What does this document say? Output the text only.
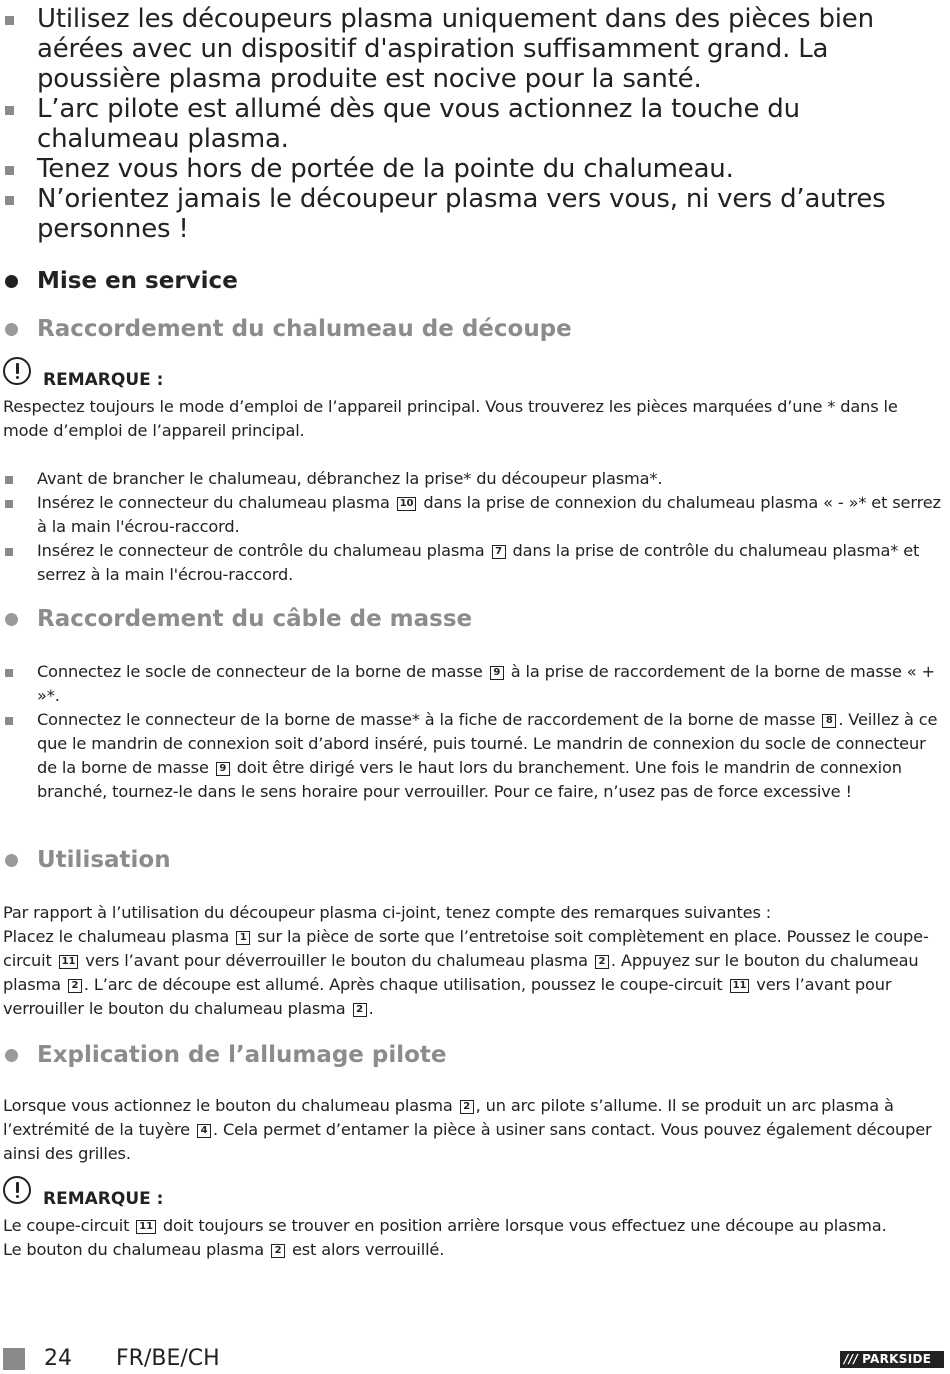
Utilisez les découpeurs plasma uniquement dans des pièces bien aérées avec un dispositif d'aspiration suffisamment grand. La poussière plasma produite est nocive pour la santé.
L’arc pilote est allumé dès que vous actionnez la touche du chalumeau plasma.
Tenez vous hors de portée de la pointe du chalumeau.
N’orientez jamais le découpeur plasma vers vous, ni vers d’autres personnes !
Mise en service
Raccordement du chalumeau de découpe
REMARQUE :

Respectez toujours le mode d’emploi de l’appareil principal. Vous trouverez les pièces marquées d’une * dans le mode d’emploi de l’appareil principal.

Avant de brancher le chalumeau, débranchez la prise* du découpeur plasma*.
Insérez le connecteur du chalumeau plasma 10 dans la prise de connexion du chalumeau plasma « - »* et serrez à la main l'écrou-raccord.
Insérez le connecteur de contrôle du chalumeau plasma 7 dans la prise de contrôle du chalumeau plasma* et serrez à la main l'écrou-raccord.
Raccordement du câble de masse
Connectez le socle de connecteur de la borne de masse 9 à la prise de raccordement de la borne de masse « + »*.
Connectez le connecteur de la borne de masse* à la fiche de raccordement de la borne de masse 8 . Veillez à ce que le mandrin de connexion soit d’abord inséré, puis tourné. Le mandrin de connexion du socle de connecteur de la borne de masse 9 doit être dirigé vers le haut lors du branchement. Une fois le mandrin de connexion branché, tournez-le dans le sens horaire pour verrouiller. Pour ce faire, n’usez pas de force excessive !
Utilisation

Par rapport à l’utilisation du découpeur plasma ci-joint, tenez compte des remarques suivantes :

Placez le chalumeau plasma 1 sur la pièce de sorte que l’entretoise soit complètement en place. Poussez le coupe-circuit 11 vers l’avant pour déverrouiller le bouton du chalumeau plasma 2 . Appuyez sur le bouton du chalumeau plasma 2 . L’arc de découpe est allumé. Après chaque utilisation, poussez le coupe-circuit 11 vers l’avant pour verrouiller le bouton du chalumeau plasma 2 .

Explication de l’allumage pilote

Lorsque vous actionnez le bouton du chalumeau plasma 2 , un arc pilote s’allume. Il se produit un arc plasma à l’extrémité de la tuyère 4 . Cela permet d’entamer la pièce à usiner sans contact. Vous pouvez également découper ainsi des grilles.

REMARQUE :

Le coupe-circuit 11 doit toujours se trouver en position arrière lorsque vous effectuez une découpe au plasma.
Le bouton du chalumeau plasma 2 est alors verrouillé.

24 FR/BE/CH	/// PARKSIDE
